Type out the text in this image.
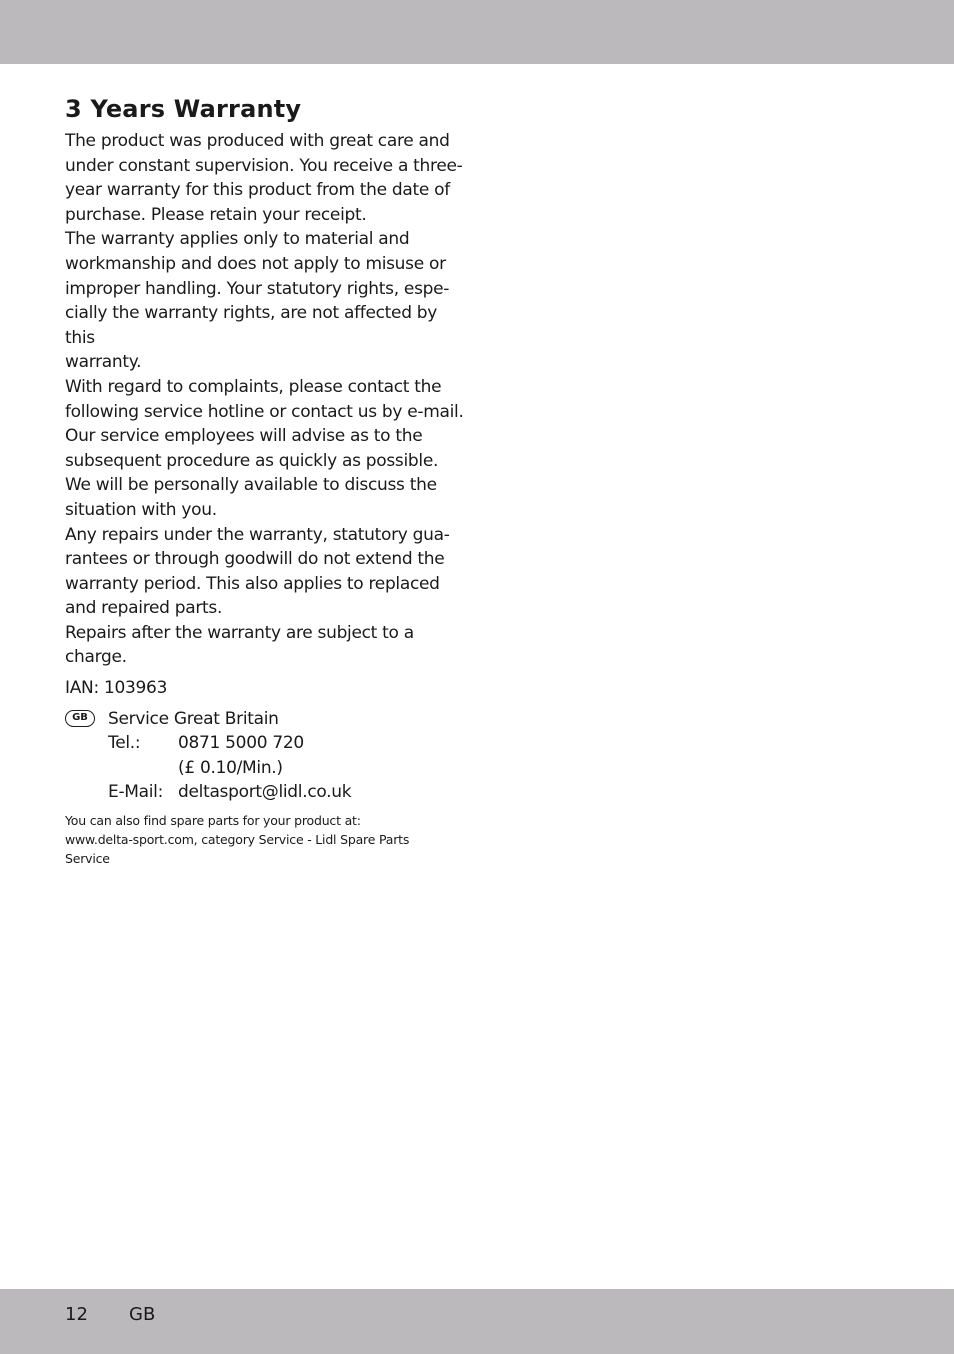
3 Years Warranty

The product was produced with great care and
under constant supervision. You receive a three-
year warranty for this product from the date of
purchase. Please retain your receipt.

The warranty applies only to material and
workmanship and does not apply to misuse or
improper handling. Your statutory rights, espe-
cially the warranty rights, are not affected by this
warranty.

With regard to complaints, please contact the
following service hotline or contact us by e-mail.
Our service employees will advise as to the
subsequent procedure as quickly as possible.
We will be personally available to discuss the
situation with you.

Any repairs under the warranty, statutory gua-
rantees or through goodwill do not extend the
warranty period. This also applies to replaced
and repaired parts.

Repairs after the warranty are subject to a
charge.

IAN: 103963
GB	Service Great Britain
Tel.:	0871 5000 720
(£ 0.10/Min.)
E-Mail: deltasport@lidl.co.uk
You can also find spare parts for your product at:
www.delta-sport.com, category Service - Lidl Spare Parts
Service
12 GB
